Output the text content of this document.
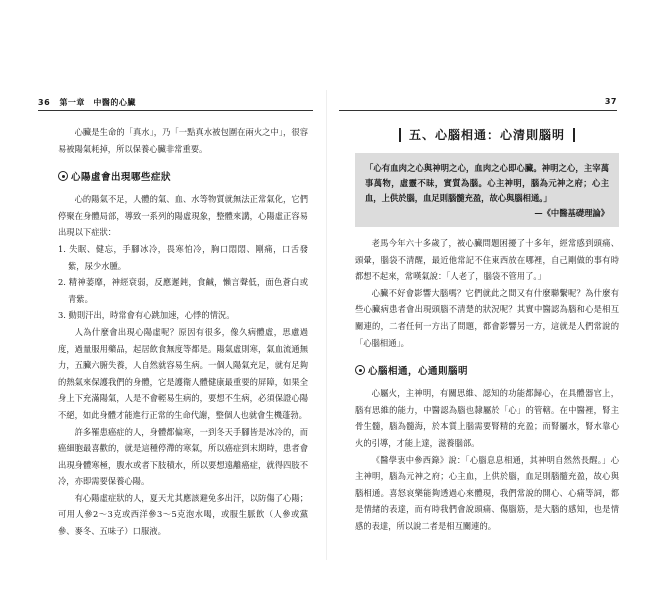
36 第一章　中醫的心臟

心臟是生命的「真水」，乃「一點真水被包圍在兩火之中」，很容易被陽氣耗掉，所以保養心臟非常重要。

心陽虛會出現哪些症狀

心的陽氣不足，人體的氣、血、水等物質就無法正常氣化，它們停聚在身體局部，導致一系列的陽虛現象，整體來講，心陽虛正容易出現以下症狀：

1. 失眠、健忘，手腳冰冷，畏寒怕冷，胸口悶悶、剛痛，口舌發紫，尿少水腫。
2. 精神萎靡，神經衰弱，反應遲鈍，食鹹，懶言聲低，面色蒼白或青紫。
3. 動則汗出，時常會有心跳加速，心悸的情況。

人為什麼會出現心陽虛呢？原因有很多，像久病體虛，思慮過度，過量服用藥品，起居飲食無度等都是。陽氣虛則寒，氣血流通無力，五臟六腑失養，人自然就容易生病。一個人陽氣充足，就有足夠的熱氣來保護我們的身體，它是護衛人體健康最重要的屏障，如果全身上下充滿陽氣，人是不會輕易生病的，要想不生病，必須保證心陽不絕，如此身體才能進行正常的生命代謝，整個人也就會生機蓬勃。

許多罹患癌症的人，身體都偏寒，一到冬天手腳皆是冰冷的，而癌細胞最喜歡的，就是這種停滯的寒氣，所以癌症到末期時，患者會出現身體寒極，腹水或者下肢積水，所以要想遠離癌症，就得四肢不冷，亦即需要保養心陽。

有心陽虛症狀的人，夏天尤其應該避免多出汗，以防傷了心陽；可用人參2～3克或西洋參3～5克泡水喝，或服生脈飲（人參或黨參、麥冬、五味子）口服液。

37
五、心腦相通：心清則腦明
「心有血肉之心與神明之心，血肉之心即心臟。神明之心，主宰萬事萬物，虛靈不昧，實質為腦。心主神明，腦為元神之府；心主血，上供於腦，血足則腦髓充盈，故心與腦相通。」
—《中醫基礎理論》

老馬今年六十多歲了，被心臟問題困擾了十多年，經常感到頭痛、頭暈，腦袋不清醒，最近他常記不住東西放在哪裡，自己剛做的事有時都想不起來，常嘆氣說：「人老了，腦袋不管用了。」

心臟不好會影響大腦嗎？它們就此之間又有什麼聯繫呢？為什麼有些心臟病患者會出現頭腦不清楚的狀況呢？其實中醫認為腦和心是相互關連的，二者任何一方出了問題，都會影響另一方，這就是人們常說的「心腦相通」。

心腦相通，心通則腦明

心屬火，主神明，有關思維、認知的功能都歸心，在具體器官上，腦有思維的能力，中醫認為腦也隸屬於「心」的管轄。在中醫裡，腎主骨生髓，腦為髓海，於本質上腦需要腎精的充盈；而腎屬水，腎水靠心火的引導，才能上達，滋養腦部。

《醫學衷中參西錄》說：「心腦息息相通，其神明自然然長醒。」心主神明，腦為元神之府；心主血，上供於腦，血足則腦髓充盈，故心與腦相通。喜怒哀樂能夠透過心來體現，我們常說的開心、心痛等詞，都是情緒的表達，而有時我們會說頭痛、傷腦筋，是大腦的感知，也是情感的表達，所以說二者是相互關連的。
